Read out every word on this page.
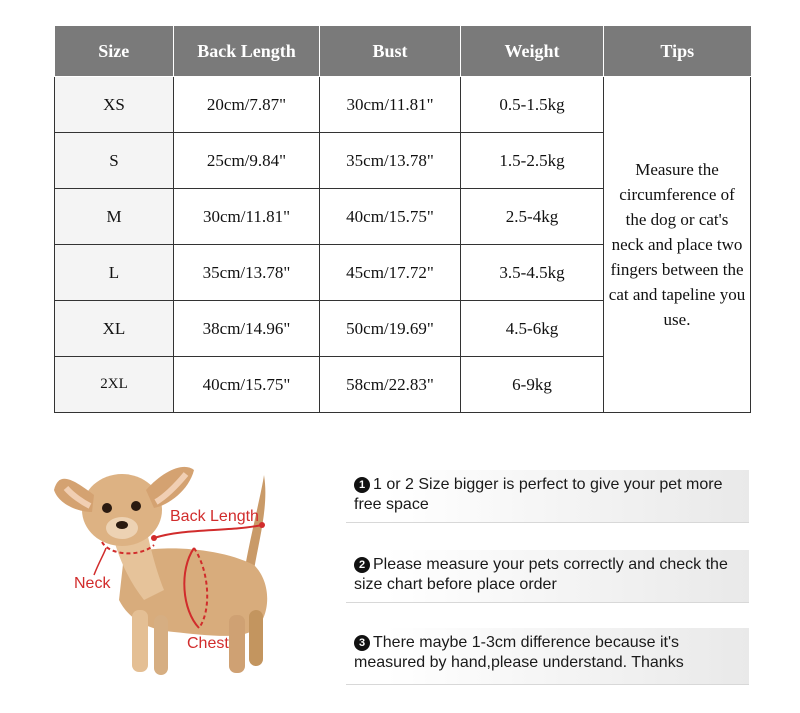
Size	Back Length	Bust	Weight	Tips
XS	20cm/7.87"	30cm/11.81"	0.5-1.5kg	Measure the circumference of the dog or cat's neck and place two fingers between the cat and tapeline you use.
S	25cm/9.84"	35cm/13.78"	1.5-2.5kg	
M	30cm/11.81"	40cm/15.75"	2.5-4kg	
L	35cm/13.78"	45cm/17.72"	3.5-4.5kg	
XL	38cm/14.96"	50cm/19.69"	4.5-6kg	
2XL	40cm/15.75"	58cm/22.83"	6-9kg	
Back Length
Neck
Chest
1 1 or 2 Size bigger is perfect to give your pet more free space
2 Please measure your pets correctly and check the size chart before place order
3 There maybe 1-3cm difference because it's measured by hand,please understand. Thanks
